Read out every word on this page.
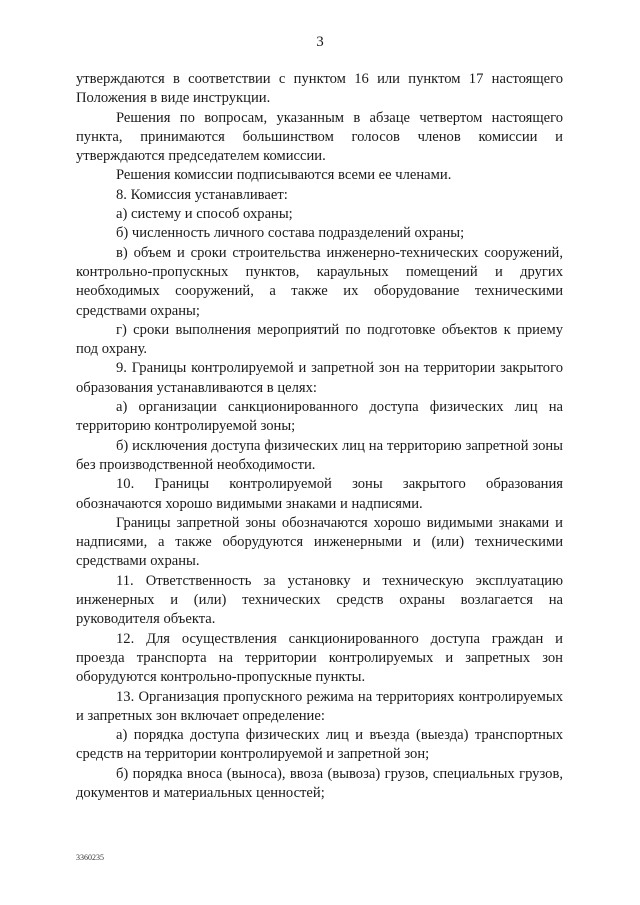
3

утверждаются в соответствии с пунктом 16 или пунктом 17 настоящего Положения в виде инструкции.

Решения по вопросам, указанным в абзаце четвертом настоящего пункта, принимаются большинством голосов членов комиссии и утверждаются председателем комиссии.

Решения комиссии подписываются всеми ее членами.

8. Комиссия устанавливает:

а) систему и способ охраны;

б) численность личного состава подразделений охраны;

в) объем и сроки строительства инженерно-технических сооружений, контрольно-пропускных пунктов, караульных помещений и других необходимых сооружений, а также их оборудование техническими средствами охраны;

г) сроки выполнения мероприятий по подготовке объектов к приему под охрану.

9. Границы контролируемой и запретной зон на территории закрытого образования устанавливаются в целях:

а) организации санкционированного доступа физических лиц на территорию контролируемой зоны;

б) исключения доступа физических лиц на территорию запретной зоны без производственной необходимости.

10. Границы контролируемой зоны закрытого образования обозначаются хорошо видимыми знаками и надписями.

Границы запретной зоны обозначаются хорошо видимыми знаками и надписями, а также оборудуются инженерными и (или) техническими средствами охраны.

11. Ответственность за установку и техническую эксплуатацию инженерных и (или) технических средств охраны возлагается на руководителя объекта.

12. Для осуществления санкционированного доступа граждан и проезда транспорта на территории контролируемых и запретных зон оборудуются контрольно-пропускные пункты.

13. Организация пропускного режима на территориях контролируемых и запретных зон включает определение:

а) порядка доступа физических лиц и въезда (выезда) транспортных средств на территории контролируемой и запретной зон;

б) порядка вноса (выноса), ввоза (вывоза) грузов, специальных грузов, документов и материальных ценностей;

3360235
